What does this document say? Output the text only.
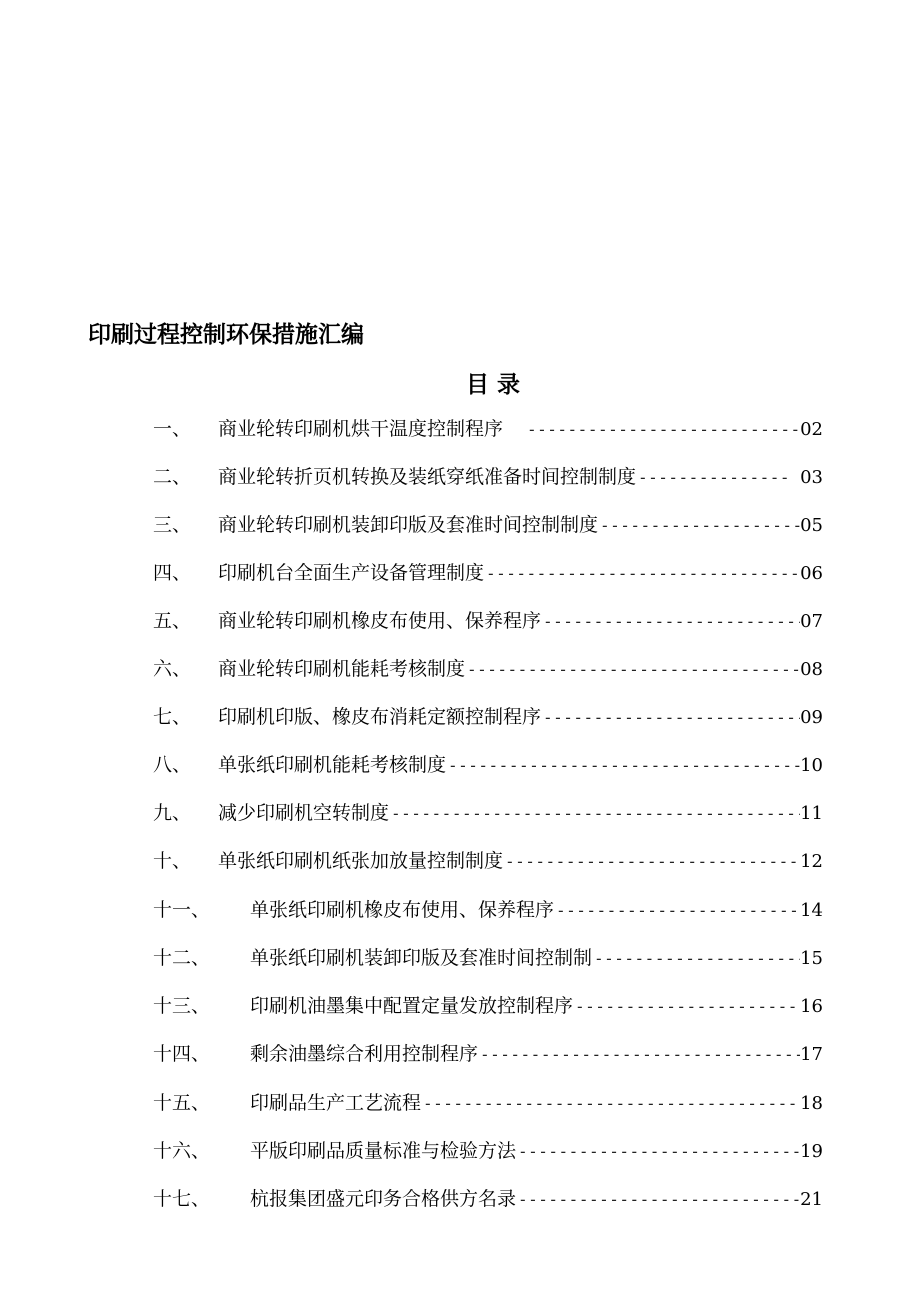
印刷过程控制环保措施汇编
目 录
一、 商业轮转印刷机烘干温度控制程序 -----	02
二、 商业轮转折页机转换及装纸穿纸准备时间控制制度 -----	03
三、 商业轮转印刷机装卸印版及套准时间控制制度 -----	05
四、 印刷机台全面生产设备管理制度 -----	06
五、 商业轮转印刷机橡皮布使用、保养程序 -----	07
六、 商业轮转印刷机能耗考核制度 -----	08
七、 印刷机印版、橡皮布消耗定额控制程序 -----	09
八、 单张纸印刷机能耗考核制度 -----	10
九、 减少印刷机空转制度 -----	11
十、 单张纸印刷机纸张加放量控制制度 -----	12
十一、 单张纸印刷机橡皮布使用、保养程序 -----	14
十二、 单张纸印刷机装卸印版及套准时间控制制 -----	15
十三、 印刷机油墨集中配置定量发放控制程序 -----	16
十四、 剩余油墨综合利用控制程序 -----	17
十五、 印刷品生产工艺流程 -----	18
十六、 平版印刷品质量标准与检验方法 -----	19
十七、 杭报集团盛元印务合格供方名录 -----	21
